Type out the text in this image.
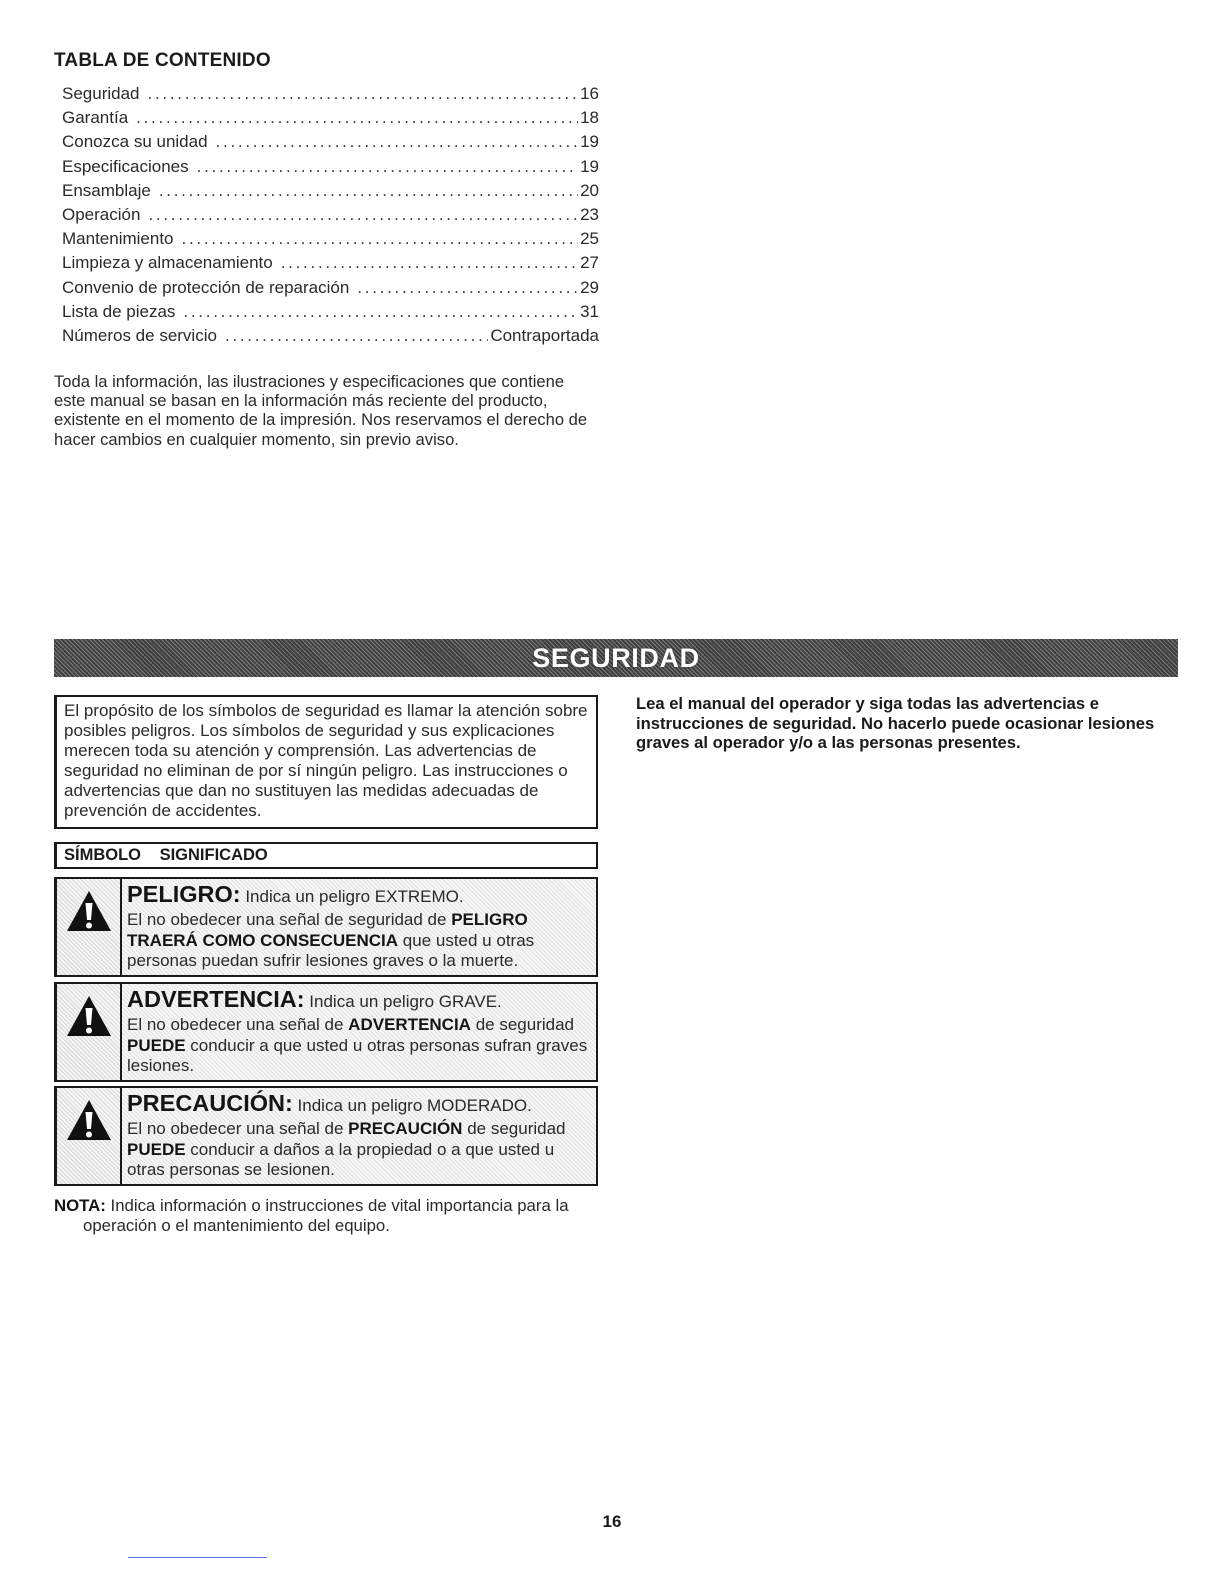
TABLA DE CONTENIDO
Seguridad . . .	16
Garantía . . .	18
Conozca su unidad . . .	19
Especificaciones . . .	19
Ensamblaje . . .	20
Operación . . .	23
Mantenimiento . . .	25
Limpieza y almacenamiento . . .	27
Convenio de protección de reparación . . .	29
Lista de piezas . . .	31
Números de servicio . . .	Contraportada

Toda la información, las ilustraciones y especificaciones que contiene este manual se basan en la información más reciente del producto, existente en el momento de la impresión. Nos reservamos el derecho de hacer cambios en cualquier momento, sin previo aviso.

SEGURIDAD
El propósito de los símbolos de seguridad es llamar la atención sobre posibles peligros. Los símbolos de seguridad y sus explicaciones merecen toda su atención y comprensión. Las advertencias de seguridad no eliminan de por sí ningún peligro. Las instrucciones o advertencias que dan no sustituyen las medidas adecuadas de prevención de accidentes.

Lea el manual del operador y siga todas las advertencias e instrucciones de seguridad. No hacerlo puede ocasionar lesiones graves al operador y/o a las personas presentes.

SÍMBOLO SIGNIFICADO
PELIGRO: Indica un peligro EXTREMO.
El no obedecer una señal de seguridad de PELIGRO TRAERÁ COMO CONSECUENCIA que usted u otras personas puedan sufrir lesiones graves o la muerte.
ADVERTENCIA: Indica un peligro GRAVE.
El no obedecer una señal de ADVERTENCIA de seguridad PUEDE conducir a que usted u otras personas sufran graves lesiones.
PRECAUCIÓN: Indica un peligro MODERADO.
El no obedecer una señal de PRECAUCIÓN de seguridad PUEDE conducir a daños a la propiedad o a que usted u otras personas se lesionen.

NOTA: Indica información o instrucciones de vital importancia para la operación o el mantenimiento del equipo.

16
